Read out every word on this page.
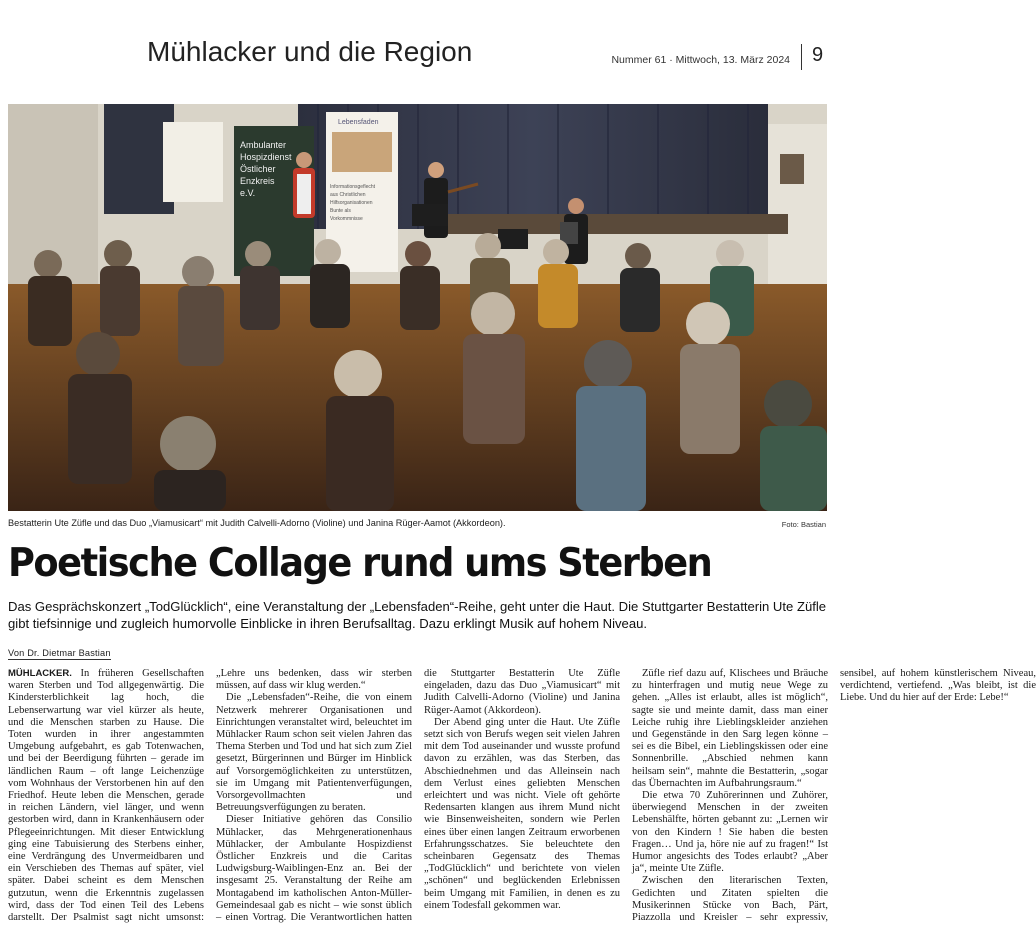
Mühlacker und die Region	Nummer 61 · Mittwoch, 13. März 2024 9
Ambulanter
Hospizdienst
Östlicher
Enzkreis
e.V.
Lebensfaden
Informationsgeflecht
aus Christlichen
Hilfsorganisationen
Bunte als
Vorkommnisse
Bestatterin Ute Züfle und das Duo „Viamusicart“ mit Judith Calvelli-Adorno (Violine) und Janina Rüger-Aamot (Akkordeon).	Foto: Bastian
Poetische Collage rund ums Sterben
Das Gesprächskonzert „TodGlücklich“, eine Veranstaltung der „Lebensfaden“-Reihe, geht unter die Haut. Die Stuttgarter Bestatterin Ute Züfle gibt tiefsinnige und zugleich humorvolle Einblicke in ihren Berufsalltag. Dazu erklingt Musik auf hohem Niveau.
Von Dr. Dietmar Bastian

MÜHLACKER. In früheren Gesellschaften waren Sterben und Tod allgegenwärtig. Die Kindersterblichkeit lag hoch, die Lebenserwartung war viel kürzer als heute, und die Menschen starben zu Hause. Die Toten wurden in ihrer angestammten Umgebung aufgebahrt, es gab Totenwachen, und bei der Beerdigung führten – gerade im ländlichen Raum – oft lange Leichenzüge vom Wohnhaus der Verstorbenen hin auf den Friedhof. Heute leben die Menschen, gerade in reichen Ländern, viel länger, und wenn gestorben wird, dann in Krankenhäusern oder Pflegeeinrichtungen. Mit dieser Entwicklung ging eine Tabuisierung des Sterbens einher, eine Verdrängung des Unvermeidbaren und ein Verschieben des Themas auf später, viel später. Dabei scheint es dem Menschen gutzutun, wenn die Erkenntnis zugelassen wird, dass der Tod einen Teil des Lebens darstellt. Der Psalmist sagt nicht umsonst: „Lehre uns bedenken, dass wir sterben müssen, auf dass wir klug werden.“

Die „Lebensfaden“-Reihe, die von einem Netzwerk mehrerer Organisationen und Einrichtungen veranstaltet wird, beleuchtet im Mühlacker Raum schon seit vielen Jahren das Thema Sterben und Tod und hat sich zum Ziel gesetzt, Bürgerinnen und Bürger im Hinblick auf Vorsorgemöglichkeiten zu unterstützen, sie im Umgang mit Patientenverfügungen, Vorsorgevollmachten und Betreuungsverfügungen zu beraten.

Dieser Initiative gehören das Consilio Mühlacker, das Mehrgenerationenhaus Mühlacker, der Ambulante Hospizdienst Östlicher Enzkreis und die Caritas Ludwigsburg-Waiblingen-Enz an. Bei der insgesamt 25. Veranstaltung der Reihe am Montagabend im katholischen Anton-Müller-Gemeindesaal gab es nicht – wie sonst üblich – einen Vortrag. Die Verantwortlichen hatten die Stuttgarter Bestatterin Ute Züfle eingeladen, dazu das Duo „Viamusicart“ mit Judith Calvelli-Adorno (Violine) und Janina Rüger-Aamot (Akkordeon).

Der Abend ging unter die Haut. Ute Züfle setzt sich von Berufs wegen seit vielen Jahren mit dem Tod auseinander und wusste profund davon zu erzählen, was das Sterben, das Abschiednehmen und das Alleinsein nach dem Verlust eines geliebten Menschen erleichtert und was nicht. Viele oft gehörte Redensarten klangen aus ihrem Mund nicht wie Binsenweisheiten, sondern wie Perlen eines über einen langen Zeitraum erworbenen Erfahrungsschatzes. Sie beleuchtete den scheinbaren Gegensatz des Themas „TodGlücklich“ und berichtete von vielen „schönen“ und beglückenden Erlebnissen beim Umgang mit Familien, in denen es zu einem Todesfall gekommen war.

Züfle rief dazu auf, Klischees und Bräuche zu hinterfragen und mutig neue Wege zu gehen. „Alles ist erlaubt, alles ist möglich“, sagte sie und meinte damit, dass man einer Leiche ruhig ihre Lieblingskleider anziehen und Gegenstände in den Sarg legen könne – sei es die Bibel, ein Lieblingskissen oder eine Sonnenbrille. „Abschied nehmen kann heilsam sein“, mahnte die Bestatterin, „sogar das Übernachten im Aufbahrungsraum.“

Die etwa 70 Zuhörerinnen und Zuhörer, überwiegend Menschen in der zweiten Lebenshälfte, hörten gebannt zu: „Lernen wir von den Kindern ! Sie haben die besten Fragen… Und ja, höre nie auf zu fragen!“ Ist Humor angesichts des Todes erlaubt? „Aber ja“, meinte Ute Züfle.

Zwischen den literarischen Texten, Gedichten und Zitaten spielten die Musikerinnen Stücke von Bach, Pärt, Piazzolla und Kreisler – sehr expressiv, sensibel, auf hohem künstlerischem Niveau, verdichtend, vertiefend. „Was bleibt, ist die Liebe. Und du hier auf der Erde: Lebe!“
